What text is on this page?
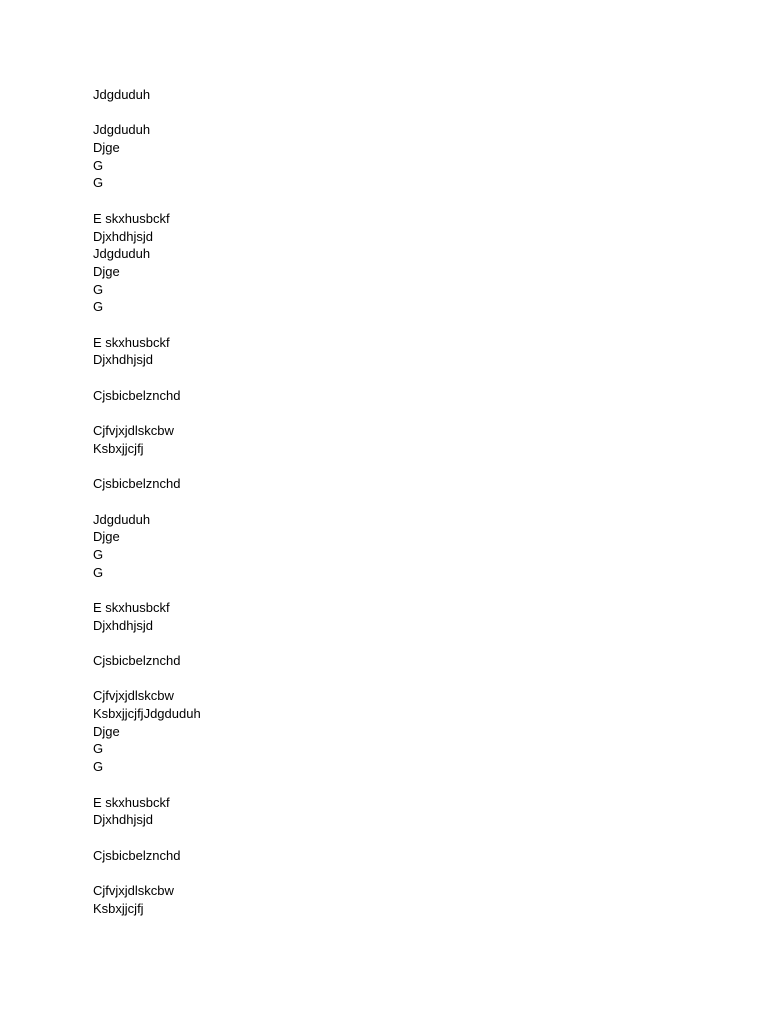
Jdgduduh
Jdgduduh
Djge
G
G
E skxhusbckf
Djxhdhjsjd
Jdgduduh
Djge
G
G
E skxhusbckf
Djxhdhjsjd
Cjsbicbelznchd
Cjfvjxjdlskcbw
Ksbxjjcjfj
Cjsbicbelznchd
Jdgduduh
Djge
G
G
E skxhusbckf
Djxhdhjsjd
Cjsbicbelznchd
Cjfvjxjdlskcbw
KsbxjjcjfjJdgduduh
Djge
G
G
E skxhusbckf
Djxhdhjsjd
Cjsbicbelznchd
Cjfvjxjdlskcbw
Ksbxjjcjfj
